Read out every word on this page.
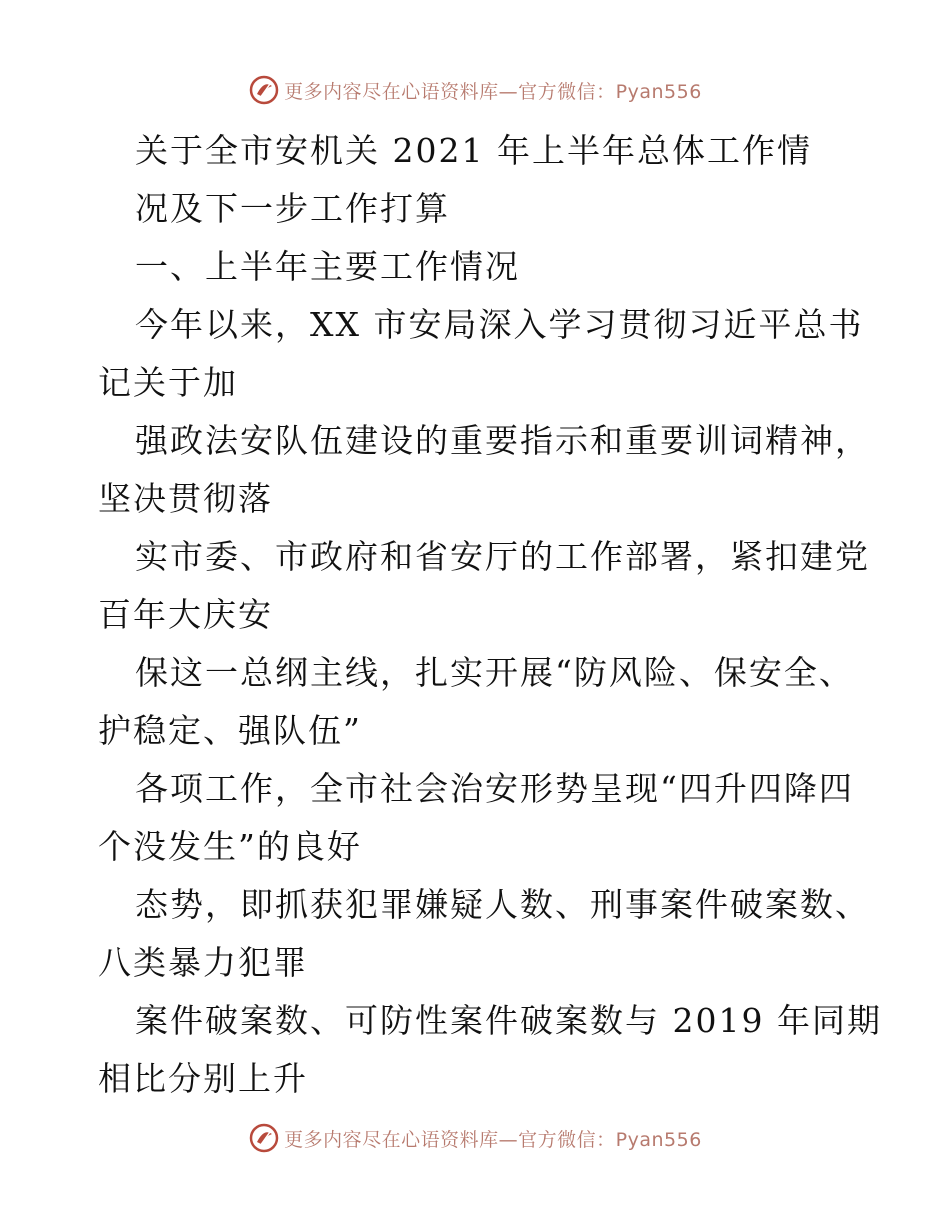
更多内容尽在心语资料库—官方微信：Pyan556
关于全市安机关 2021 年上半年总体工作情
况及下一步工作打算
一、上半年主要工作情况
今年以来，XX 市安局深入学习贯彻习近平总书
记关于加
强政法安队伍建设的重要指示和重要训词精神，
坚决贯彻落
实市委、市政府和省安厅的工作部署，紧扣建党
百年大庆安
保这一总纲主线，扎实开展“防风险、保安全、
护稳定、强队伍”
各项工作，全市社会治安形势呈现“四升四降四
个没发生”的良好
态势，即抓获犯罪嫌疑人数、刑事案件破案数、
八类暴力犯罪
案件破案数、可防性案件破案数与 2019 年同期
相比分别上升
更多内容尽在心语资料库—官方微信：Pyan556
